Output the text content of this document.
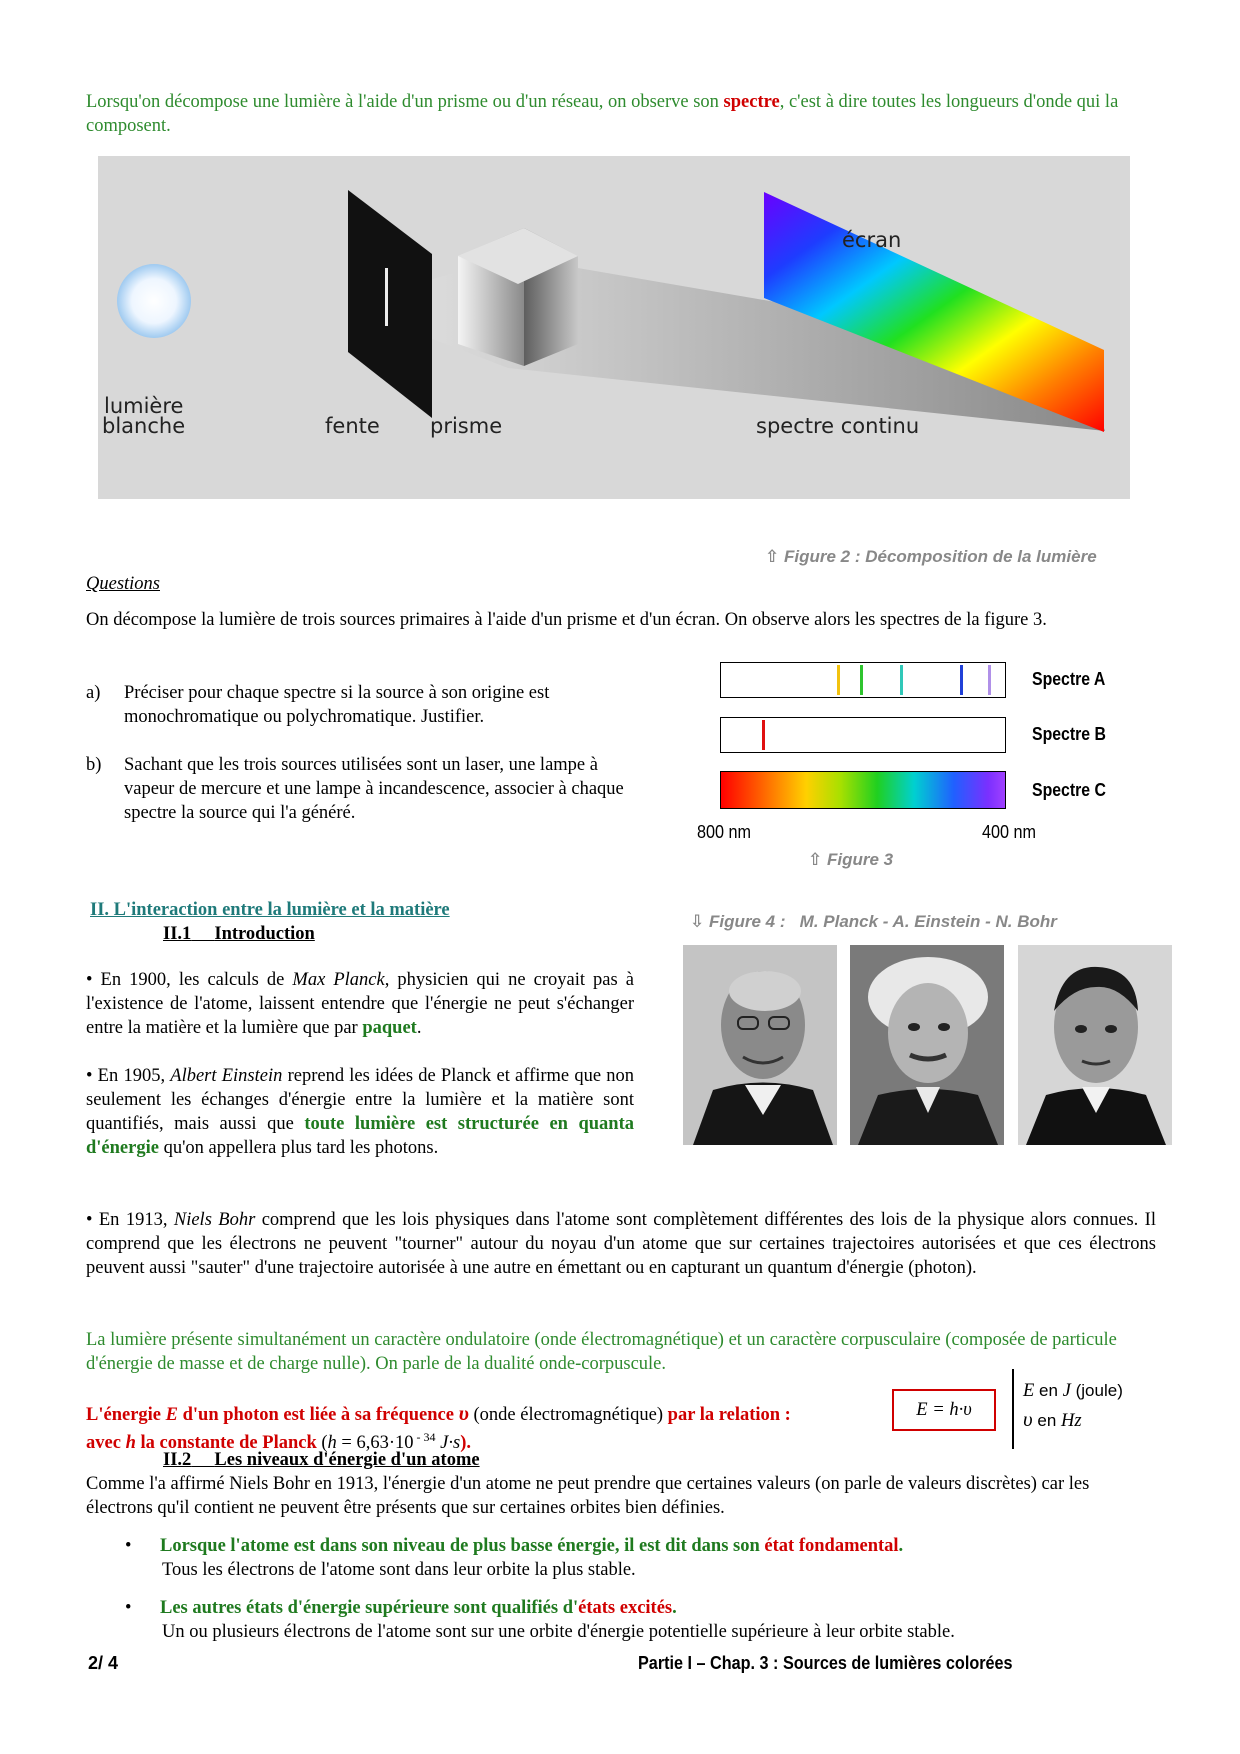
Lorsqu'on décompose une lumière à l'aide d'un prisme ou d'un réseau, on observe son spectre, c'est à dire toutes les longueurs d'onde qui la composent.
écran
lumière
blanche	fente prisme	spectre continu
⇧ Figure 2 : Décomposition de la lumière
Questions
On décompose la lumière de trois sources primaires à l'aide d'un prisme et d'un écran. On observe alors les spectres de la figure 3.
a) Préciser pour chaque spectre si la source à son origine est monochromatique ou polychromatique. Justifier.
b) Sachant que les trois sources utilisées sont un laser, une lampe à vapeur de mercure et une lampe à incandescence, associer à chaque spectre la source qui l'a généré.
Spectre A
Spectre B
Spectre C
800 nm	400 nm
⇧ Figure 3
II. L'interaction entre la lumière et la matière
II.1 Introduction
• En 1900, les calculs de Max Planck, physicien qui ne croyait pas à l'existence de l'atome, laissent entendre que l'énergie ne peut s'échanger entre la matière et la lumière que par paquet.
• En 1905, Albert Einstein reprend les idées de Planck et affirme que non seulement les échanges d'énergie entre la lumière et la matière sont quantifiés, mais aussi que toute lumière est structurée en quanta d'énergie qu'on appellera plus tard les photons.
⇩ Figure 4 :   M. Planck - A. Einstein - N. Bohr
• En 1913, Niels Bohr comprend que les lois physiques dans l'atome sont complètement différentes des lois de la physique alors connues. Il comprend que les électrons ne peuvent "tourner" autour du noyau d'un atome que sur certaines trajectoires autorisées et que ces électrons peuvent aussi "sauter" d'une trajectoire autorisée à une autre en émettant ou en capturant un quantum d'énergie (photon).
La lumière présente simultanément un caractère ondulatoire (onde électromagnétique) et un caractère corpusculaire (composée de particule d'énergie de masse et de charge nulle). On parle de la dualité onde-corpuscule.
L'énergie E d'un photon est liée à sa fréquence υ (onde électromagnétique) par la relation :
avec h la constante de Planck (h = 6,63·10 $^{- 34}$ J·s).
E = h·υ
E en J (joule)
υ en Hz
II.2 Les niveaux d'énergie d'un atome
Comme l'a affirmé Niels Bohr en 1913, l'énergie d'un atome ne peut prendre que certaines valeurs (on parle de valeurs discrètes) car les électrons qu'il contient ne peuvent être présents que sur certaines orbites bien définies.
• Lorsque l'atome est dans son niveau de plus basse énergie, il est dit dans son état fondamental.
Tous les électrons de l'atome sont dans leur orbite la plus stable.
• Les autres états d'énergie supérieure sont qualifiés d'états excités.
Un ou plusieurs électrons de l'atome sont sur une orbite d'énergie potentielle supérieure à leur orbite stable.
2/ 4	Partie I – Chap. 3 : Sources de lumières colorées
